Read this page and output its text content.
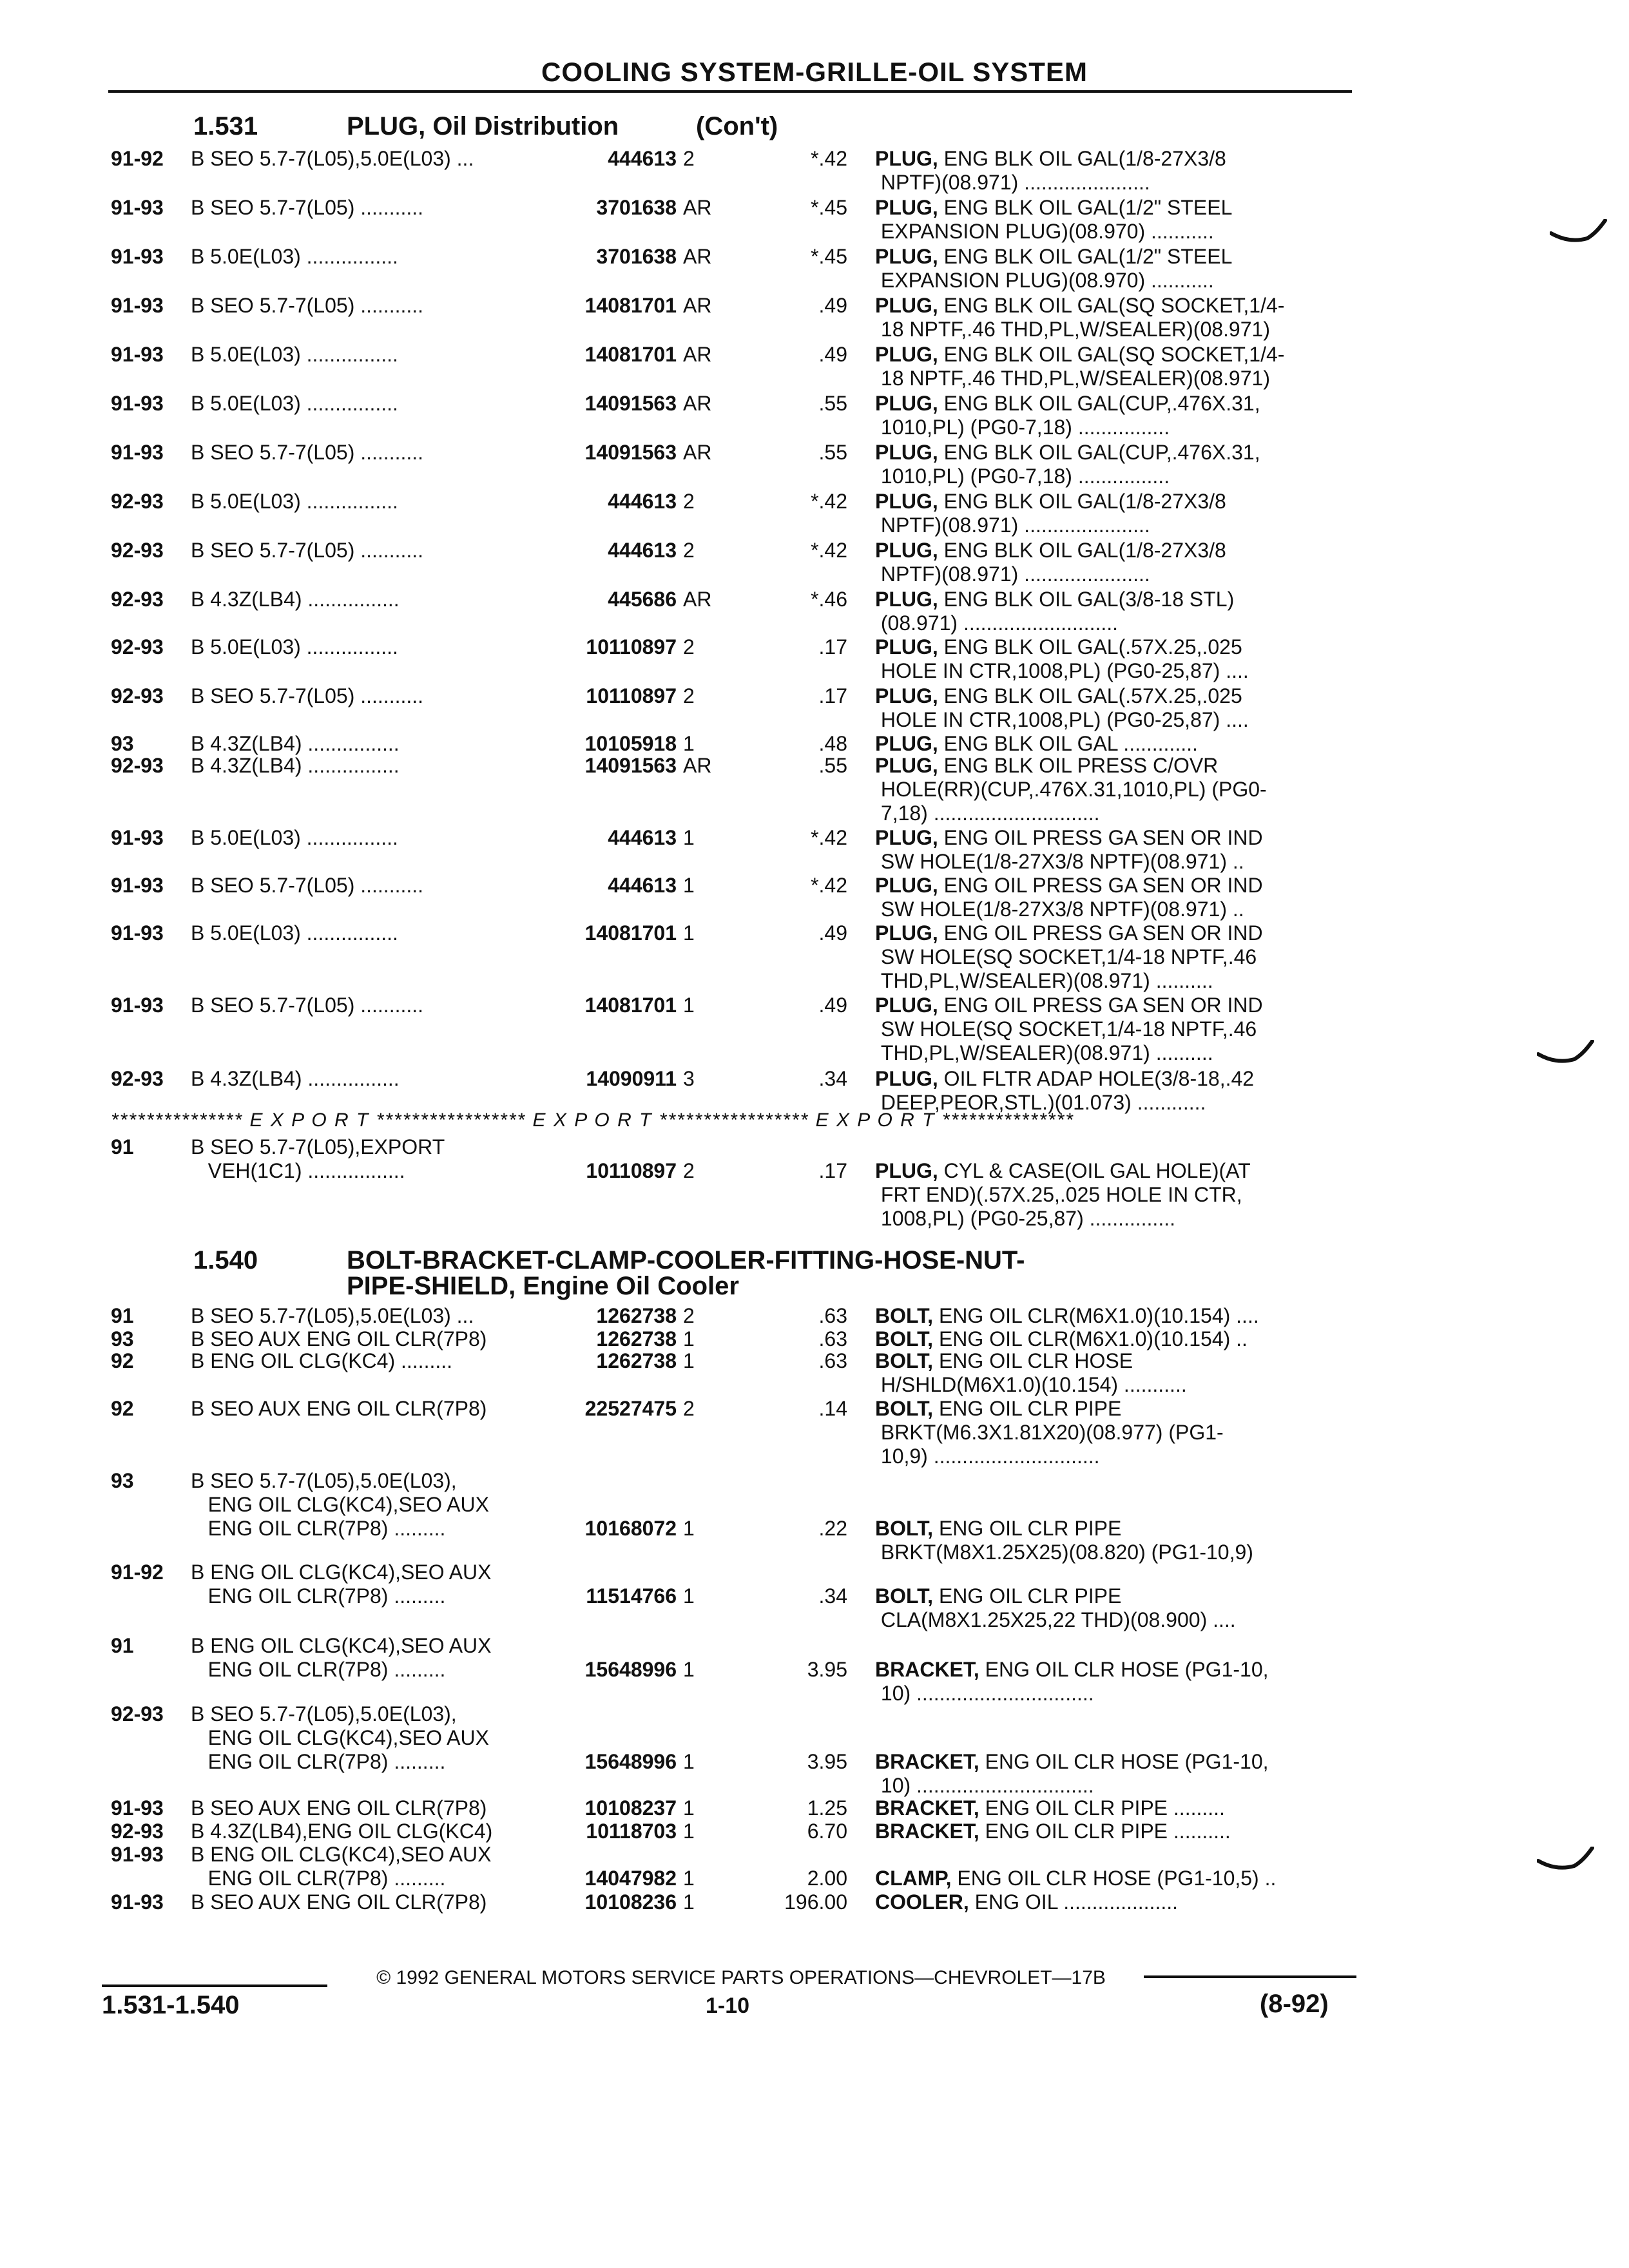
COOLING SYSTEM-GRILLE-OIL SYSTEM
1.531	PLUG, Oil Distribution	(Con't)
91-92 B SEO 5.7-7(L05),5.0E(L03) ...	444613 2	*.42 PLUG, ENG BLK OIL GAL(1/8-27X3/8
NPTF)(08.971) ......................
91-93 B SEO 5.7-7(L05) ...........	3701638 AR	*.45 PLUG, ENG BLK OIL GAL(1/2" STEEL
EXPANSION PLUG)(08.970) ...........
91-93 B 5.0E(L03) ................	3701638 AR	*.45 PLUG, ENG BLK OIL GAL(1/2" STEEL
EXPANSION PLUG)(08.970) ...........
91-93 B SEO 5.7-7(L05) ...........	14081701 AR	.49 PLUG, ENG BLK OIL GAL(SQ SOCKET,1/4-
18 NPTF,.46 THD,PL,W/SEALER)(08.971)
91-93 B 5.0E(L03) ................	14081701 AR	.49 PLUG, ENG BLK OIL GAL(SQ SOCKET,1/4-
18 NPTF,.46 THD,PL,W/SEALER)(08.971)
91-93 B 5.0E(L03) ................	14091563 AR	.55 PLUG, ENG BLK OIL GAL(CUP,.476X.31,
1010,PL) (PG0-7,18) ................
91-93 B SEO 5.7-7(L05) ...........	14091563 AR	.55 PLUG, ENG BLK OIL GAL(CUP,.476X.31,
1010,PL) (PG0-7,18) ................
92-93 B 5.0E(L03) ................	444613 2	*.42 PLUG, ENG BLK OIL GAL(1/8-27X3/8
NPTF)(08.971) ......................
92-93 B SEO 5.7-7(L05) ...........	444613 2	*.42 PLUG, ENG BLK OIL GAL(1/8-27X3/8
NPTF)(08.971) ......................
92-93 B 4.3Z(LB4) ................	445686 AR	*.46 PLUG, ENG BLK OIL GAL(3/8-18 STL)
(08.971) ...........................
92-93 B 5.0E(L03) ................	10110897 2	.17 PLUG, ENG BLK OIL GAL(.57X.25,.025
HOLE IN CTR,1008,PL) (PG0-25,87) ....
92-93 B SEO 5.7-7(L05) ...........	10110897 2	.17 PLUG, ENG BLK OIL GAL(.57X.25,.025
HOLE IN CTR,1008,PL) (PG0-25,87) ....
93	B 4.3Z(LB4) ................	10105918 1	.48 PLUG, ENG BLK OIL GAL .............
92-93 B 4.3Z(LB4) ................	14091563 AR	.55 PLUG, ENG BLK OIL PRESS C/OVR
HOLE(RR)(CUP,.476X.31,1010,PL) (PG0-
7,18) .............................
91-93 B 5.0E(L03) ................	444613 1	*.42 PLUG, ENG OIL PRESS GA SEN OR IND
SW HOLE(1/8-27X3/8 NPTF)(08.971) ..
91-93 B SEO 5.7-7(L05) ...........	444613 1	*.42 PLUG, ENG OIL PRESS GA SEN OR IND
SW HOLE(1/8-27X3/8 NPTF)(08.971) ..
91-93 B 5.0E(L03) ................	14081701 1	.49 PLUG, ENG OIL PRESS GA SEN OR IND
SW HOLE(SQ SOCKET,1/4-18 NPTF,.46
THD,PL,W/SEALER)(08.971) ..........
91-93 B SEO 5.7-7(L05) ...........	14081701 1	.49 PLUG, ENG OIL PRESS GA SEN OR IND
SW HOLE(SQ SOCKET,1/4-18 NPTF,.46
THD,PL,W/SEALER)(08.971) ..........
92-93 B 4.3Z(LB4) ................	14090911 3	.34 PLUG, OIL FLTR ADAP HOLE(3/8-18,.42
DEEP,PEOR,STL.)(01.073) ............
*************** E X P O R T ***************** E X P O R T ***************** E X P O R T ***************
91	B SEO 5.7-7(L05),EXPORT
VEH(1C1) .................	10110897 2	.17 PLUG, CYL & CASE(OIL GAL HOLE)(AT
FRT END)(.57X.25,.025 HOLE IN CTR,
1008,PL) (PG0-25,87) ...............
1.540	BOLT-BRACKET-CLAMP-COOLER-FITTING-HOSE-NUT-
PIPE-SHIELD, Engine Oil Cooler
91	B SEO 5.7-7(L05),5.0E(L03) ...	1262738 2	.63 BOLT, ENG OIL CLR(M6X1.0)(10.154) ....
93	B SEO AUX ENG OIL CLR(7P8)	1262738 1	.63 BOLT, ENG OIL CLR(M6X1.0)(10.154) ..
92	B ENG OIL CLG(KC4) .........	1262738 1	.63 BOLT, ENG OIL CLR HOSE
H/SHLD(M6X1.0)(10.154) ...........
92	B SEO AUX ENG OIL CLR(7P8)	22527475 2	.14 BOLT, ENG OIL CLR PIPE
BRKT(M6.3X1.81X20)(08.977) (PG1-
10,9) .............................
93	B SEO 5.7-7(L05),5.0E(L03),
ENG OIL CLG(KC4),SEO AUX
ENG OIL CLR(7P8) .........	10168072 1	.22 BOLT, ENG OIL CLR PIPE
BRKT(M8X1.25X25)(08.820) (PG1-10,9)
91-92 B ENG OIL CLG(KC4),SEO AUX
ENG OIL CLR(7P8) .........	11514766 1	.34 BOLT, ENG OIL CLR PIPE
CLA(M8X1.25X25,22 THD)(08.900) ....
91	B ENG OIL CLG(KC4),SEO AUX
ENG OIL CLR(7P8) .........	15648996 1	3.95 BRACKET, ENG OIL CLR HOSE (PG1-10,
10) ...............................
92-93 B SEO 5.7-7(L05),5.0E(L03),
ENG OIL CLG(KC4),SEO AUX
ENG OIL CLR(7P8) .........	15648996 1	3.95 BRACKET, ENG OIL CLR HOSE (PG1-10,
10) ...............................
91-93 B SEO AUX ENG OIL CLR(7P8)	10108237 1	1.25 BRACKET, ENG OIL CLR PIPE .........
92-93 B 4.3Z(LB4),ENG OIL CLG(KC4)	10118703 1	6.70 BRACKET, ENG OIL CLR PIPE ..........
91-93 B ENG OIL CLG(KC4),SEO AUX
ENG OIL CLR(7P8) .........	14047982 1	2.00 CLAMP, ENG OIL CLR HOSE (PG1-10,5) ..
91-93 B SEO AUX ENG OIL CLR(7P8)	10108236 1	196.00 COOLER, ENG OIL ....................
© 1992 GENERAL MOTORS SERVICE PARTS OPERATIONS—CHEVROLET—17B
1.531-1.540	1-10	(8-92)
